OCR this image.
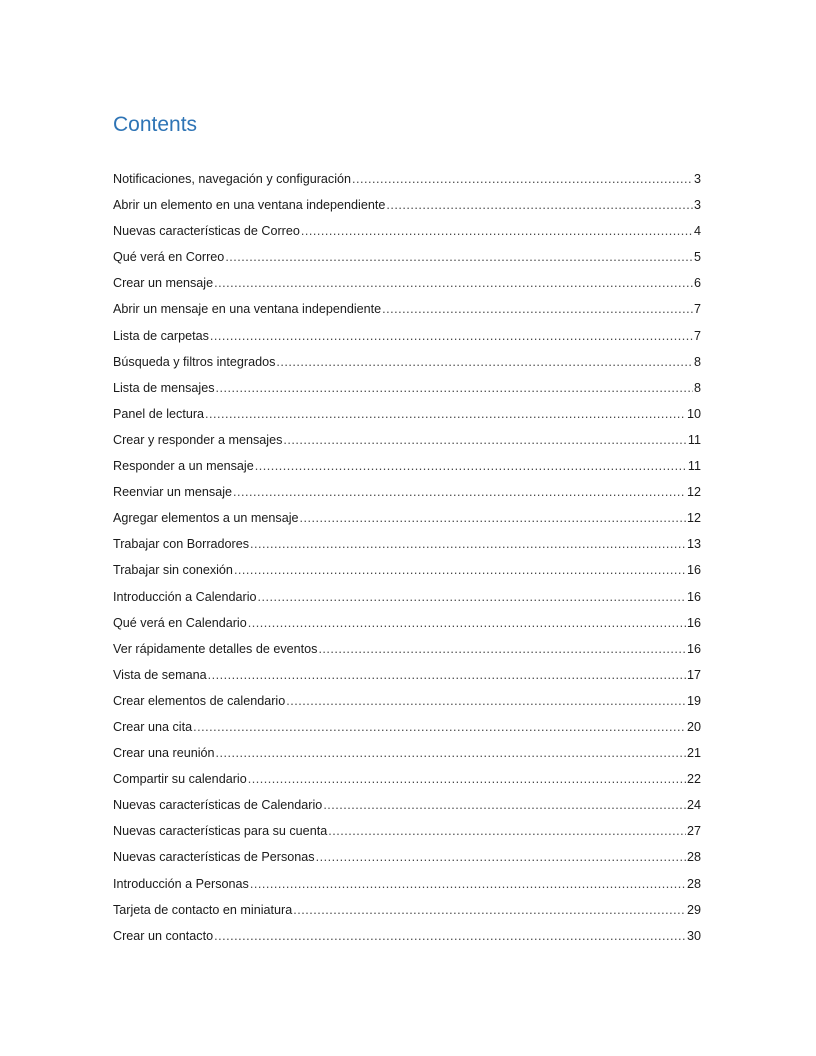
Contents
Notificaciones, navegación y configuración .....	3
Abrir un elemento en una ventana independiente .....	3
Nuevas características de Correo .....	4
Qué verá en Correo .....	5
Crear un mensaje .....	6
Abrir un mensaje en una ventana independiente .....	7
Lista de carpetas .....	7
Búsqueda y filtros integrados .....	8
Lista de mensajes .....	8
Panel de lectura .....	10
Crear y responder a mensajes .....	11
Responder a un mensaje .....	11
Reenviar un mensaje .....	12
Agregar elementos a un mensaje .....	12
Trabajar con Borradores .....	13
Trabajar sin conexión .....	16
Introducción a Calendario .....	16
Qué verá en Calendario .....	16
Ver rápidamente detalles de eventos .....	16
Vista de semana .....	17
Crear elementos de calendario .....	19
Crear una cita .....	20
Crear una reunión .....	21
Compartir su calendario .....	22
Nuevas características de Calendario .....	24
Nuevas características para su cuenta .....	27
Nuevas características de Personas .....	28
Introducción a Personas .....	28
Tarjeta de contacto en miniatura .....	29
Crear un contacto .....	30
